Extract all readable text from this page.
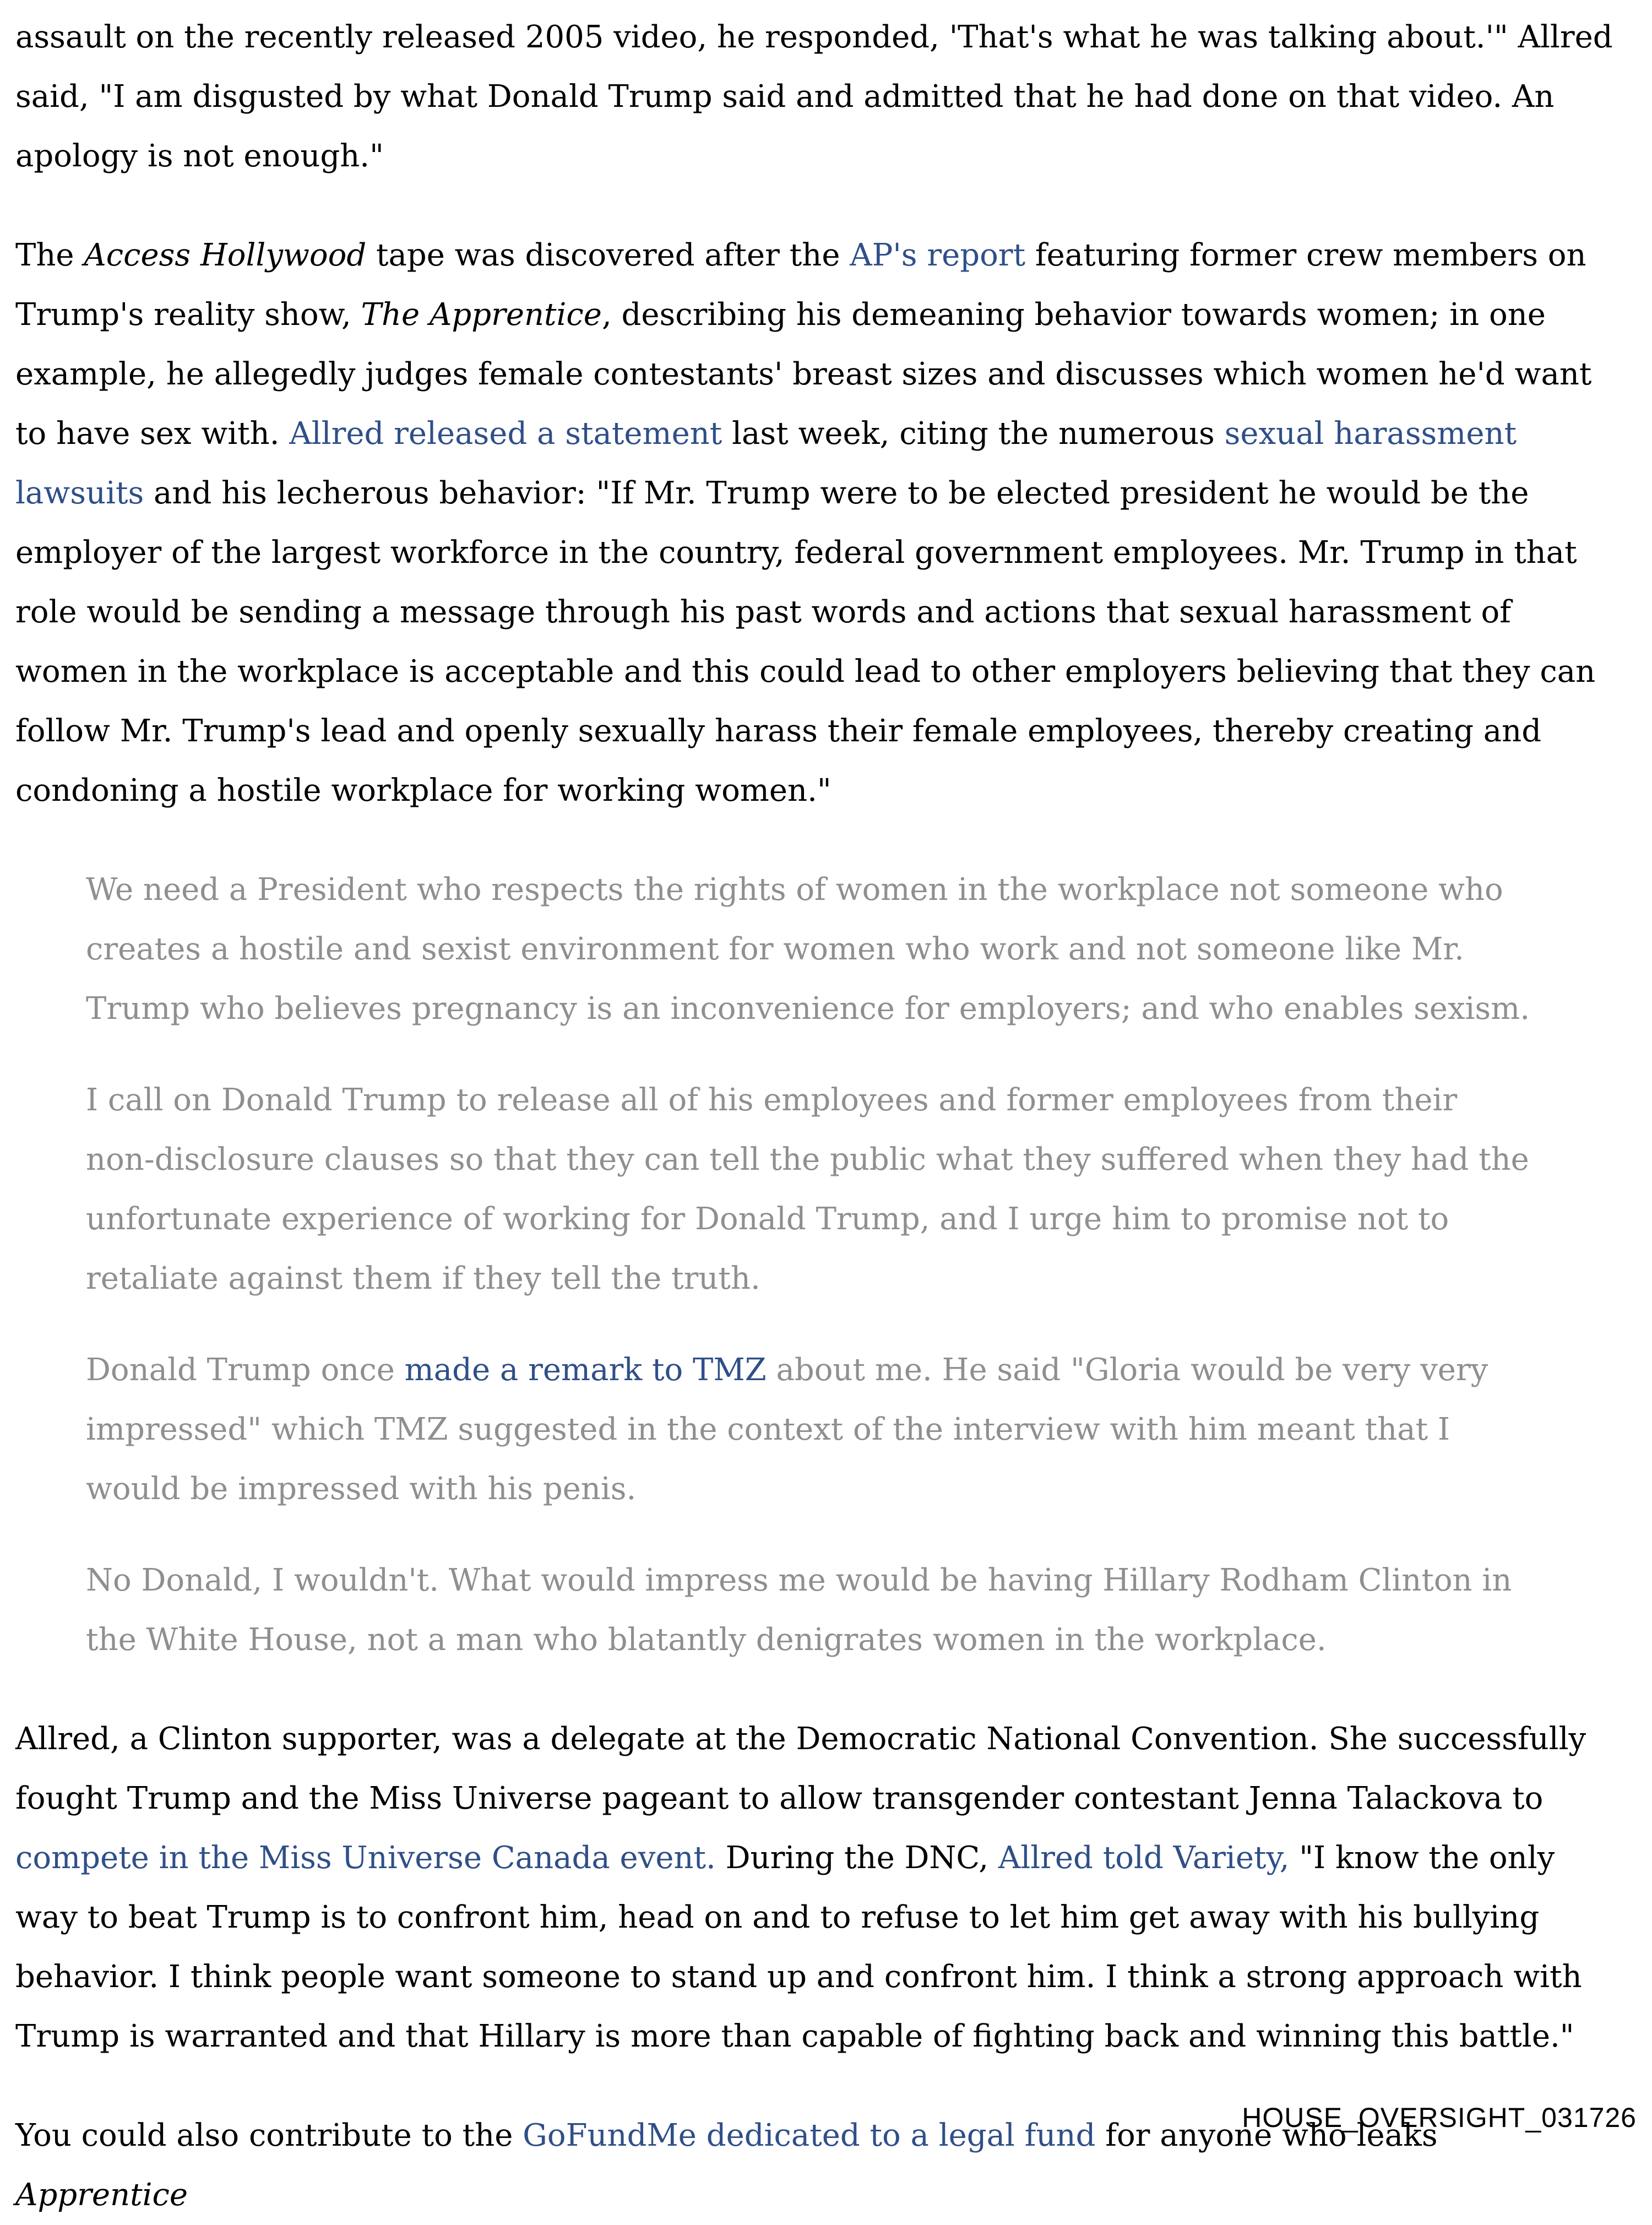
assault on the recently released 2005 video, he responded, 'That's what he was talking about.'" Allred said, "I am disgusted by what Donald Trump said and admitted that he had done on that video. An apology is not enough."

The Access Hollywood tape was discovered after the AP's report featuring former crew members on Trump's reality show, The Apprentice, describing his demeaning behavior towards women; in one example, he allegedly judges female contestants' breast sizes and discusses which women he'd want to have sex with. Allred released a statement last week, citing the numerous sexual harassment lawsuits and his lecherous behavior: "If Mr. Trump were to be elected president he would be the employer of the largest workforce in the country, federal government employees. Mr. Trump in that role would be sending a message through his past words and actions that sexual harassment of women in the workplace is acceptable and this could lead to other employers believing that they can follow Mr. Trump's lead and openly sexually harass their female employees, thereby creating and condoning a hostile workplace for working women."

We need a President who respects the rights of women in the workplace not someone who creates a hostile and sexist environment for women who work and not someone like Mr. Trump who believes pregnancy is an inconvenience for employers; and who enables sexism.

I call on Donald Trump to release all of his employees and former employees from their non-disclosure clauses so that they can tell the public what they suffered when they had the unfortunate experience of working for Donald Trump, and I urge him to promise not to retaliate against them if they tell the truth.

Donald Trump once made a remark to TMZ about me. He said "Gloria would be very very impressed" which TMZ suggested in the context of the interview with him meant that I would be impressed with his penis.

No Donald, I wouldn't. What would impress me would be having Hillary Rodham Clinton in the White House, not a man who blatantly denigrates women in the workplace.

Allred, a Clinton supporter, was a delegate at the Democratic National Convention. She successfully fought Trump and the Miss Universe pageant to allow transgender contestant Jenna Talackova to compete in the Miss Universe Canada event. During the DNC, Allred told Variety, "I know the only way to beat Trump is to confront him, head on and to refuse to let him get away with his bullying behavior. I think people want someone to stand up and confront him. I think a strong approach with Trump is warranted and that Hillary is more than capable of fighting back and winning this battle."

You could also contribute to the GoFundMe dedicated to a legal fund for anyone who leaks Apprentice

HOUSE_OVERSIGHT_031726
